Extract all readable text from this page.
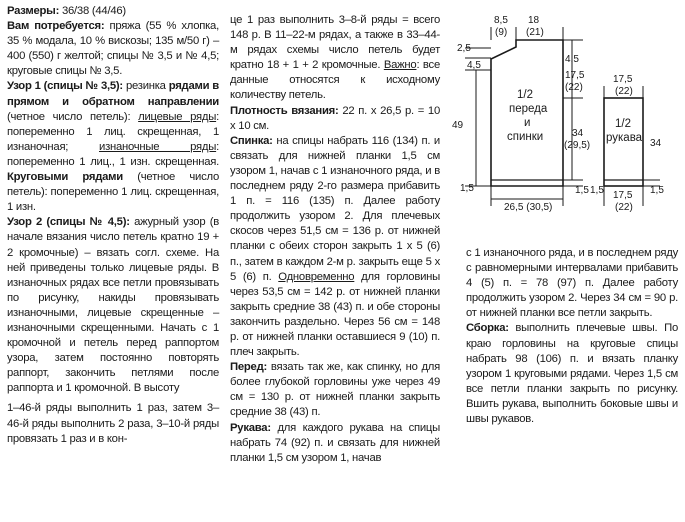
Размеры: 36/38 (44/46)

Вам потребуется: пряжа (55 % хлопка, 35 % модала, 10 % вискозы; 135 м/50 г) – 400 (550) г желтой; спицы № 3,5 и № 4,5; круговые спицы № 3,5.

Узор 1 (спицы № 3,5): резинка рядами в прямом и обратном направлении (четное число петель): лицевые ряды: попеременно 1 лиц. скрещенная, 1 изнаночная; изнаночные ряды: попеременно 1 лиц., 1 изн. скрещенная. Круговыми рядами (четное число петель): попеременно 1 лиц. скрещенная, 1 изн.

Узор 2 (спицы № 4,5): ажурный узор (в начале вязания число петель кратно 19 + 2 кромочные) – вязать согл. схеме. На ней приведены только лицевые ряды. В изнаночных рядах все петли провязывать по рисунку, накиды провязывать изнаночными, лицевые скрещенные – изнаночными скрещенными. Начать с 1 кромочной и петель перед раппортом узора, затем постоянно повторять раппорт, закончить петлями после раппорта и 1 кромочной. В высоту

1–46-й ряды выполнить 1 раз, затем 3–46-й ряды выполнить 2 раза, 3–10-й ряды провязать 1 раз и в кон-

це 1 раз выполнить 3–8-й ряды = всего 148 р. В 11–22-м рядах, а также в 33–44-м рядах схемы число петель будет кратно 18 + 1 + 2 кромочные. Важно: все данные относятся к исходному количеству петель.

Плотность вязания: 22 п. х 26,5 р. = 10 х 10 см.

Спинка: на спицы набрать 116 (134) п. и связать для нижней планки 1,5 см узором 1, начав с 1 изнаночного ряда, и в последнем ряду 2-го размера прибавить 1 п. = 116 (135) п. Далее работу продолжить узором 2. Для плечевых скосов через 51,5 см = 136 р. от нижней планки с обеих сторон закрыть 1 х 5 (6) п., затем в каждом 2-м р. закрыть еще 5 х 5 (6) п. Одновременно для горловины через 53,5 см = 142 р. от нижней планки закрыть средние 38 (43) п. и обе стороны закончить раздельно. Через 56 см = 148 р. от нижней планки оставшиеся 9 (10) п. плеч закрыть.

Перед: вязать так же, как спинку, но для более глубокой горловины уже через 49 см = 130 р. от нижней планки закрыть средние 38 (43) п.

Рукава: для каждого рукава на спицы набрать 74 (92) п. и связать для нижней планки 1,5 см узором 1, начав

с 1 изнаночного ряда, и в последнем ряду с равномерными интервалами прибавить 4 (5) п. = 78 (97) п. Далее работу продолжить узором 2. Через 34 см = 90 р. от нижней планки все петли закрыть.

Сборка: выполнить плечевые швы. По краю горловины на круговые спицы набрать 98 (106) п. и вязать планку узором 1 круговыми рядами. Через 1,5 см все петли планки закрыть по рисунку. Вшить рукава, выполнить боковые швы и швы рукавов.

8,5
(9)
18
(21)
2,5
4,5
4,5
17,5
(22)
49
34
(29,5)
1,5	1,5
26,5 (30,5)
1/2
переда
и
спинки
17,5
(22)
1/2
рукава 34
1,5	1,5
17,5
(22)
